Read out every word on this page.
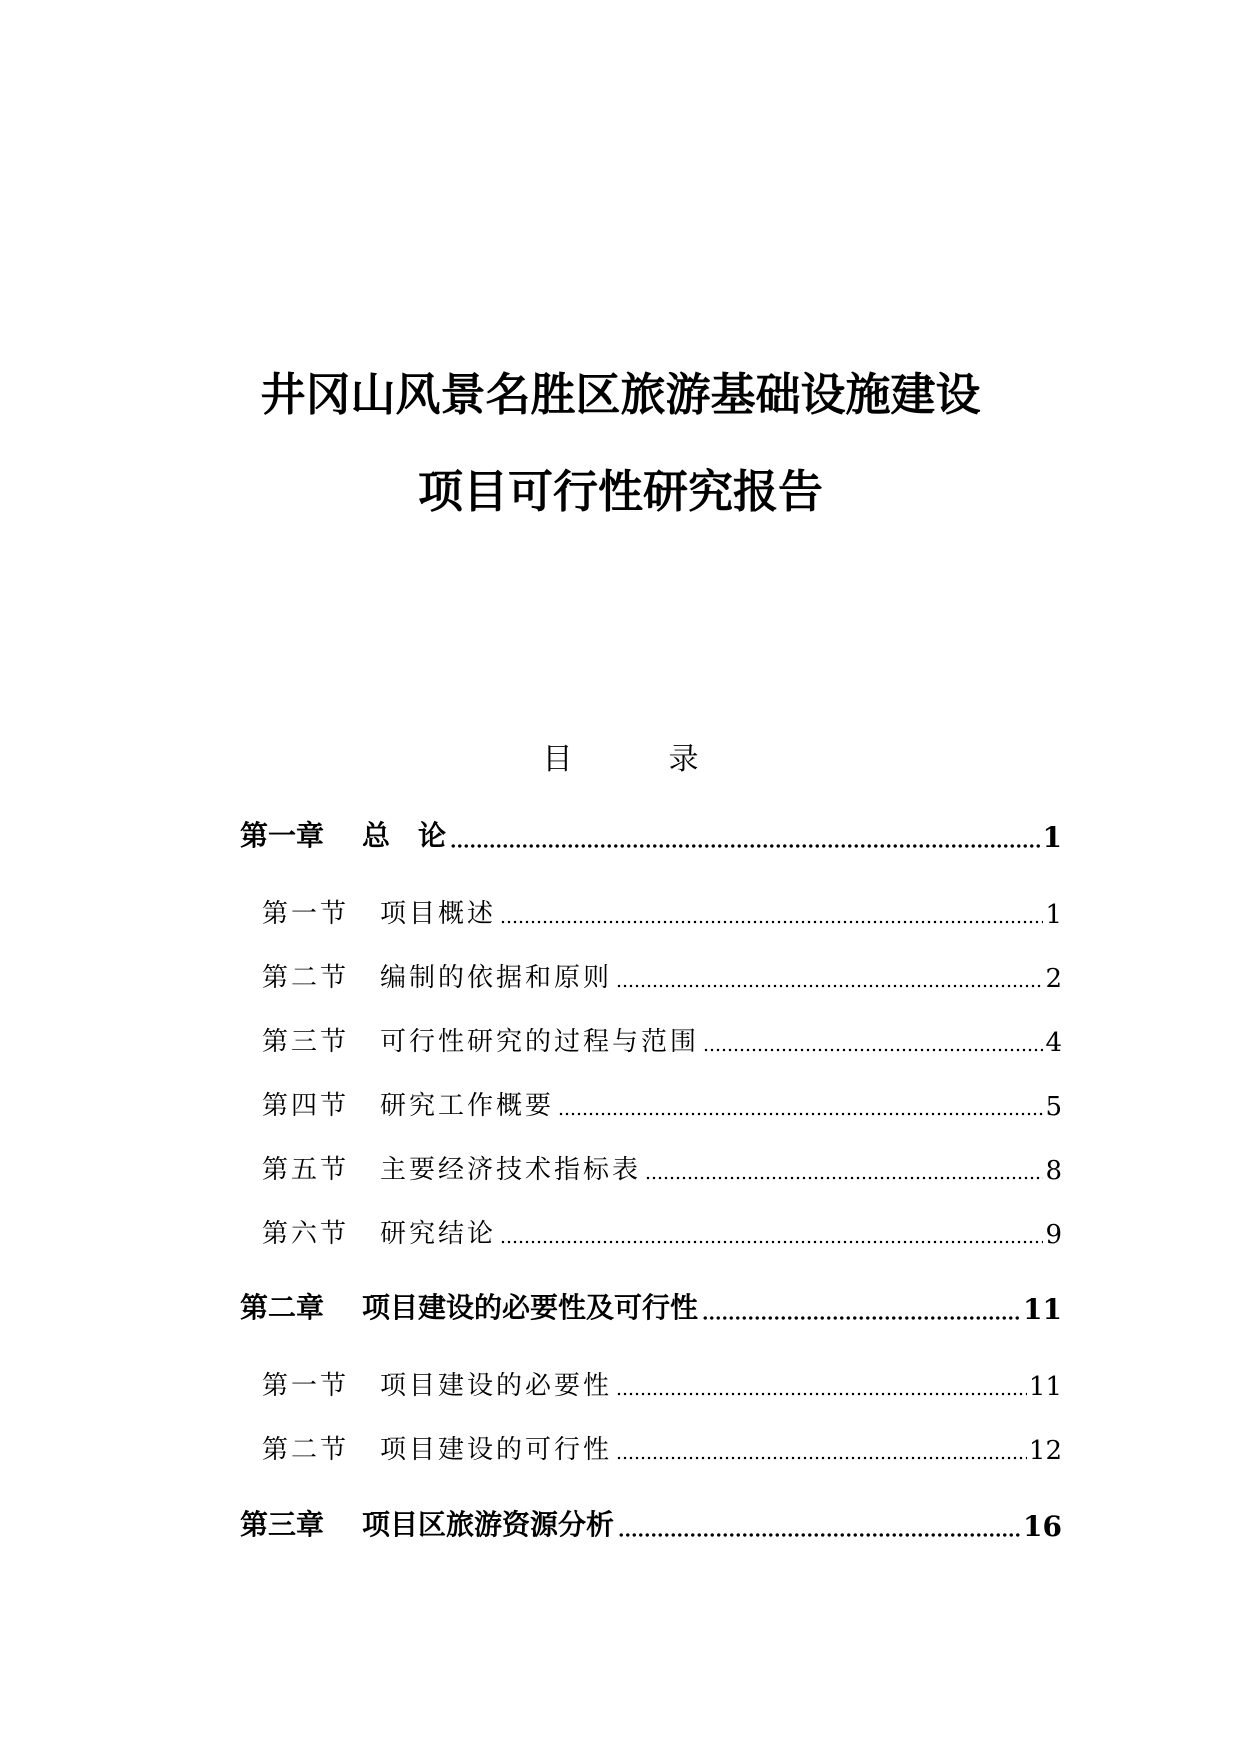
井冈山风景名胜区旅游基础设施建设
项目可行性研究报告
目	录
第一章	总　论	1
第一节	项目概述	1
第二节	编制的依据和原则	2
第三节	可行性研究的过程与范围	4
第四节	研究工作概要	5
第五节	主要经济技术指标表	8
第六节	研究结论	9
第二章	项目建设的必要性及可行性	11
第一节	项目建设的必要性	11
第二节	项目建设的可行性	12
第三章	项目区旅游资源分析	16
